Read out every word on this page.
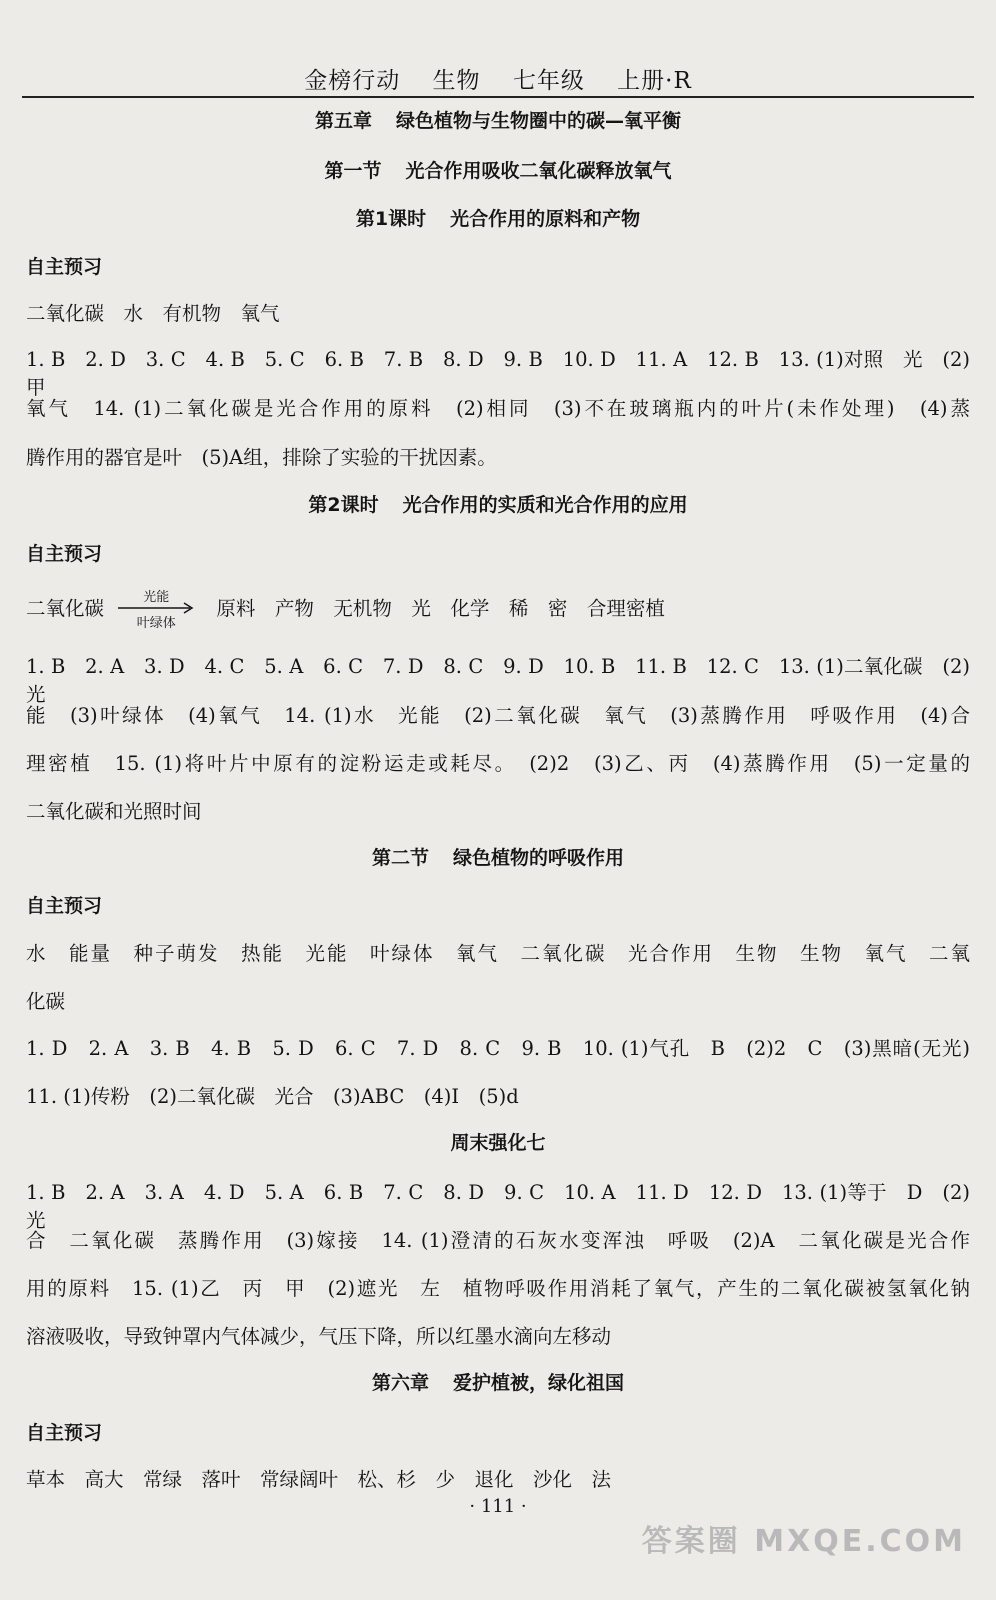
金榜行动 生物 七年级 上册·R
第五章 绿色植物与生物圈中的碳—氧平衡
第一节 光合作用吸收二氧化碳释放氧气
第1课时 光合作用的原料和产物
自主预习
二氧化碳　水　有机物　氧气
1. B　2. D　3. C　4. B　5. C　6. B　7. B　8. D　9. B　10. D　11. A　12. B　13. (1)对照　光　(2)甲
氧气　14. (1)二氧化碳是光合作用的原料　(2)相同　(3)不在玻璃瓶内的叶片(未作处理)　(4)蒸
腾作用的器官是叶　(5)A组，排除了实验的干扰因素。
第2课时 光合作用的实质和光合作用的应用
自主预习
二氧化碳	光能
叶绿体
原料　产物　无机物　光　化学　稀　密　合理密植
1. B　2. A　3. D　4. C　5. A　6. C　7. D　8. C　9. D　10. B　11. B　12. C　13. (1)二氧化碳　(2)光
能　(3)叶绿体　(4)氧气　14. (1)水　光能　(2)二氧化碳　氧气　(3)蒸腾作用　呼吸作用　(4)合
理密植　15. (1)将叶片中原有的淀粉运走或耗尽。　(2)2　(3)乙、丙　(4)蒸腾作用　(5)一定量的
二氧化碳和光照时间
第二节 绿色植物的呼吸作用
自主预习
水　能量　种子萌发　热能　光能　叶绿体　氧气　二氧化碳　光合作用　生物　生物　氧气　二氧
化碳
1. D　2. A　3. B　4. B　5. D　6. C　7. D　8. C　9. B　10. (1)气孔　B　(2)2　C　(3)黑暗(无光)
11. (1)传粉　(2)二氧化碳　光合　(3)ABC　(4)Ⅰ　(5)d
周末强化七
1. B　2. A　3. A　4. D　5. A　6. B　7. C　8. D　9. C　10. A　11. D　12. D　13. (1)等于　D　(2)光
合　二氧化碳　蒸腾作用　(3)嫁接　14. (1)澄清的石灰水变浑浊　呼吸　(2)A　二氧化碳是光合作
用的原料　15. (1)乙　丙　甲　(2)遮光　左　植物呼吸作用消耗了氧气，产生的二氧化碳被氢氧化钠
溶液吸收，导致钟罩内气体减少，气压下降，所以红墨水滴向左移动
第六章 爱护植被，绿化祖国
自主预习
草本　高大　常绿　落叶　常绿阔叶　松、杉　少　退化　沙化　法
· 111 ·
答案圈 MXQE.COM
